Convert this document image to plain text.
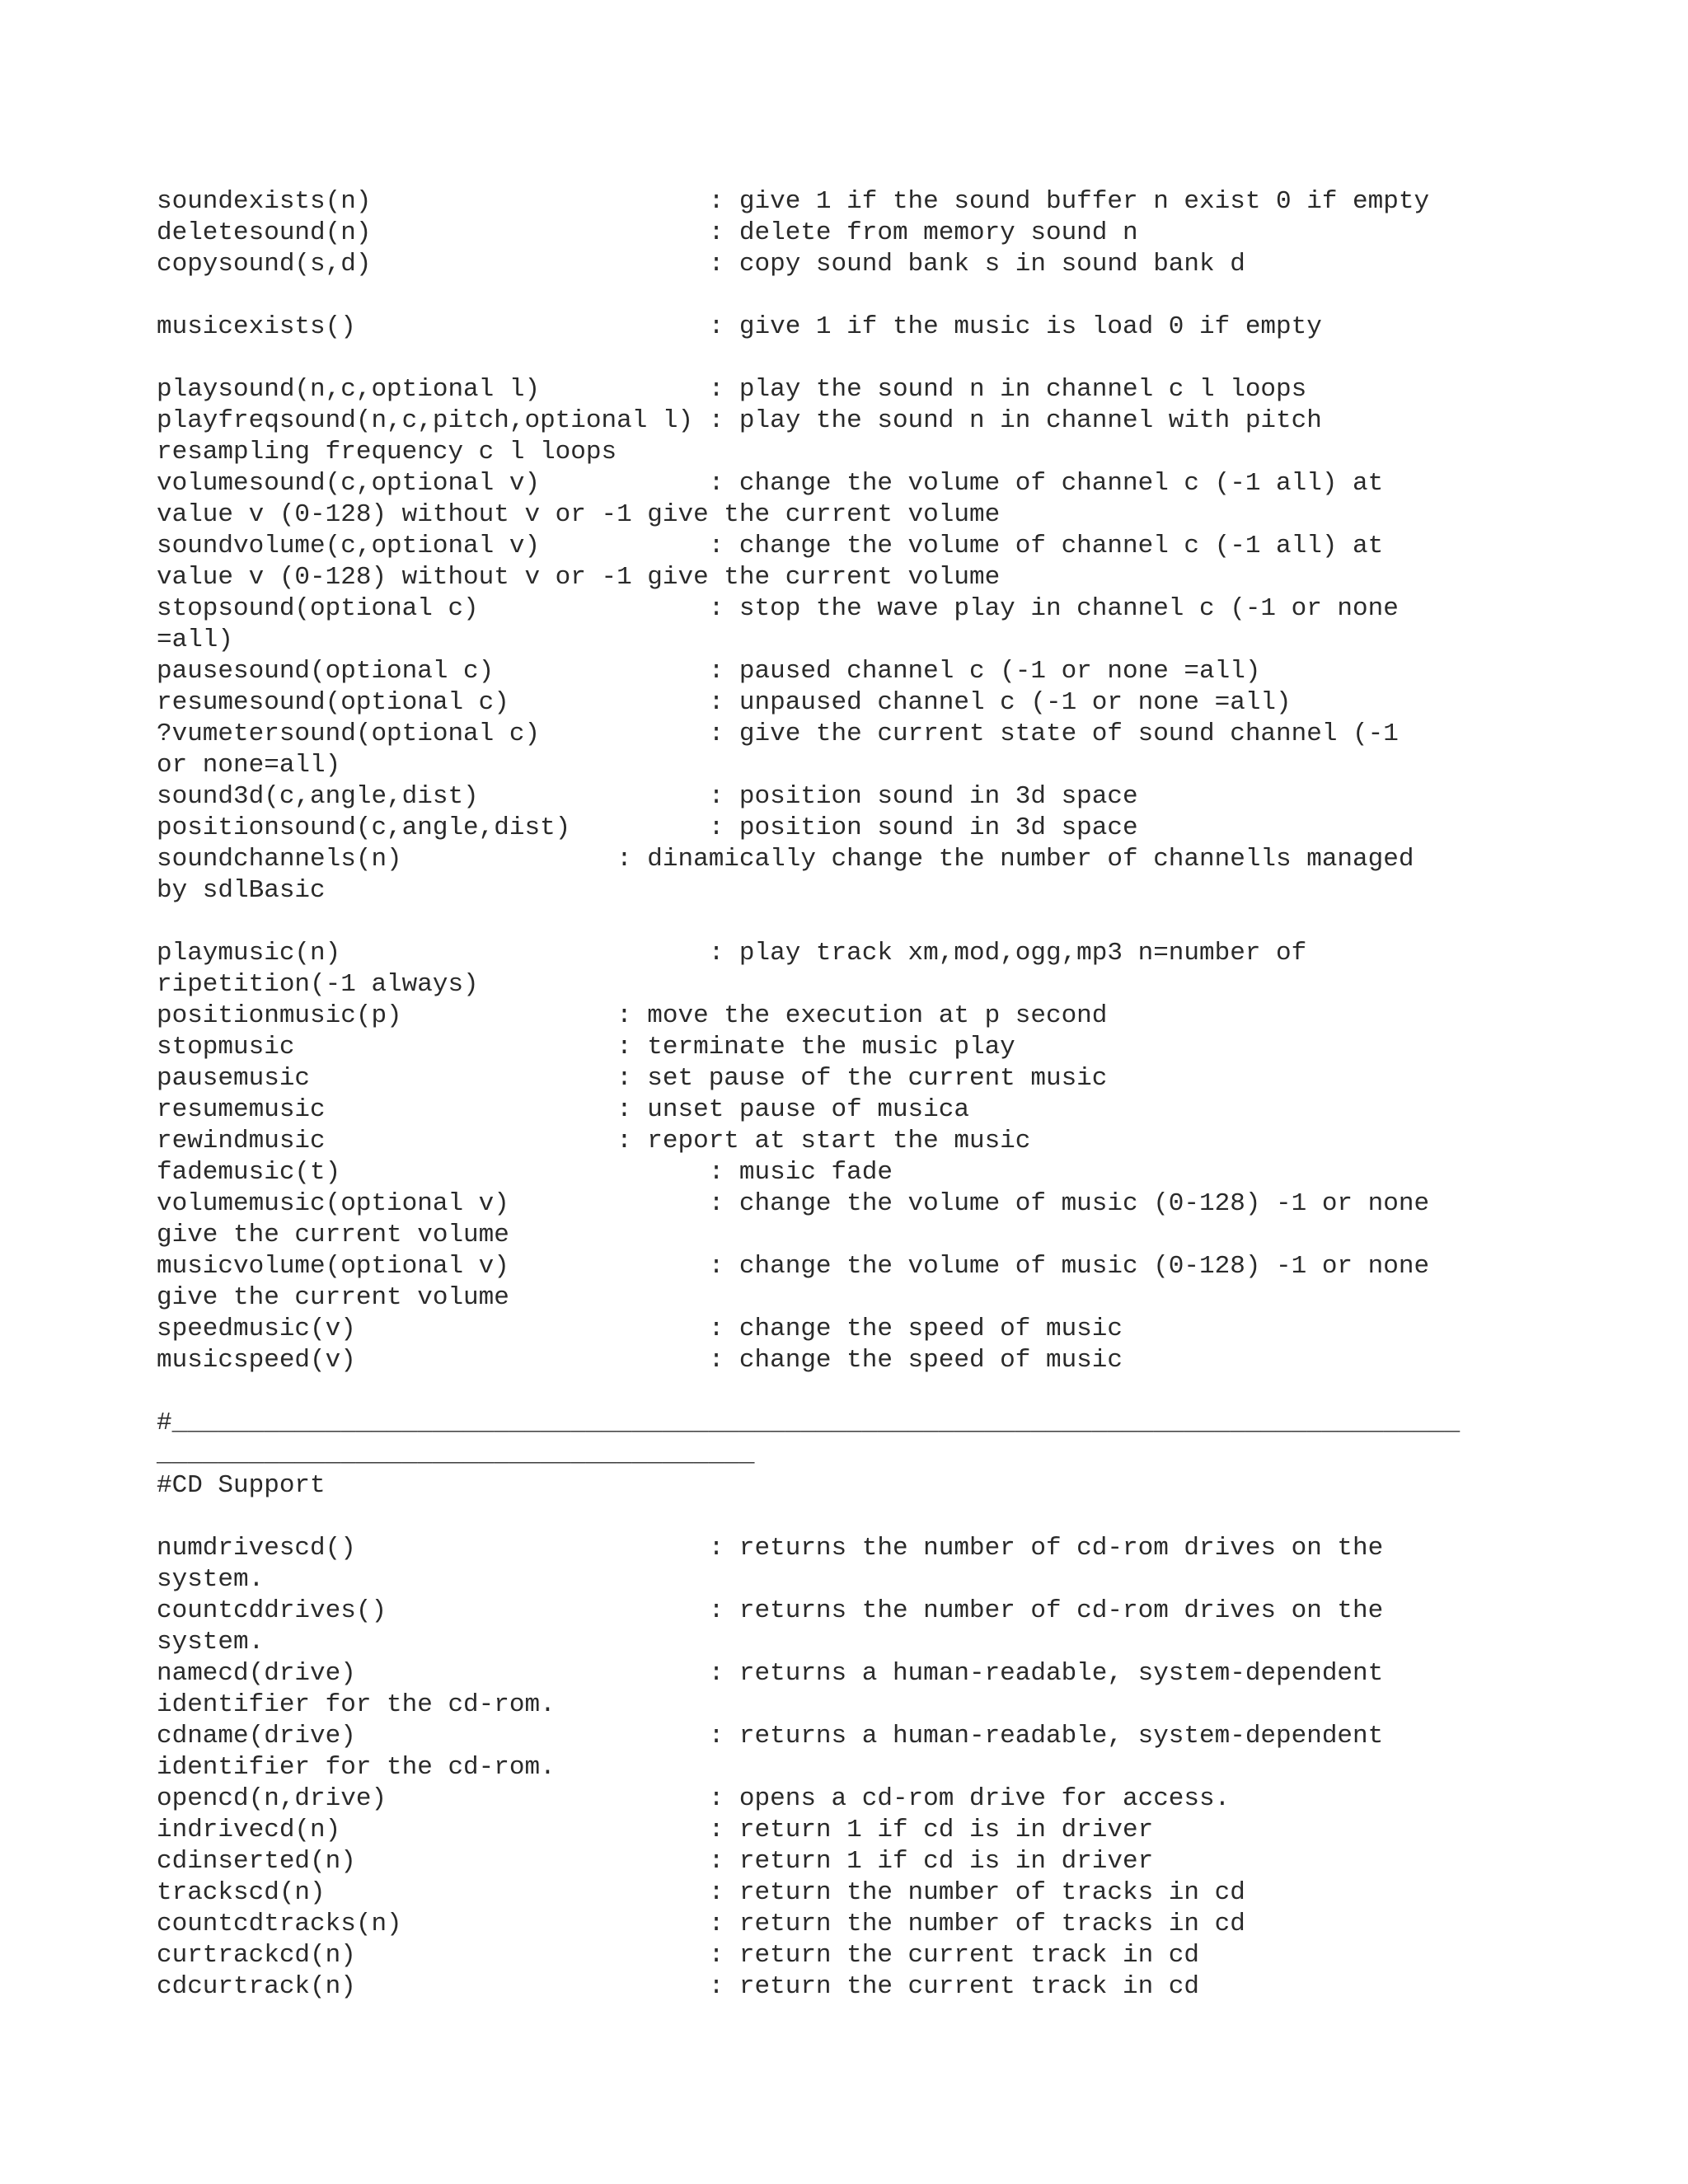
soundexists(n)                      : give 1 if the sound buffer n exist 0 if empty
deletesound(n)                      : delete from memory sound n
copysound(s,d)                      : copy sound bank s in sound bank d
musicexists()                       : give 1 if the music is load 0 if empty
playsound(n,c,optional l)           : play the sound n in channel c l loops
playfreqsound(n,c,pitch,optional l) : play the sound n in channel with pitch
resampling frequency c l loops
volumesound(c,optional v)           : change the volume of channel c (-1 all) at
value v (0-128) without v or -1 give the current volume
soundvolume(c,optional v)           : change the volume of channel c (-1 all) at
value v (0-128) without v or -1 give the current volume
stopsound(optional c)               : stop the wave play in channel c (-1 or none
=all)
pausesound(optional c)              : paused channel c (-1 or none =all)
resumesound(optional c)             : unpaused channel c (-1 or none =all)
?vumetersound(optional c)           : give the current state of sound channel (-1
or none=all)
sound3d(c,angle,dist)               : position sound in 3d space
positionsound(c,angle,dist)         : position sound in 3d space
soundchannels(n)              : dinamically change the number of channells managed
by sdlBasic
playmusic(n)                        : play track xm,mod,ogg,mp3 n=number of
ripetition(-1 always)
positionmusic(p)              : move the execution at p second
stopmusic                     : terminate the music play
pausemusic                    : set pause of the current music
resumemusic                   : unset pause of musica
rewindmusic                   : report at start the music
fademusic(t)                        : music fade
volumemusic(optional v)             : change the volume of music (0-128) -1 or none
give the current volume
musicvolume(optional v)             : change the volume of music (0-128) -1 or none
give the current volume
speedmusic(v)                       : change the speed of music
musicspeed(v)                       : change the speed of music
#____________________________________________________________________________________
_______________________________________
#CD Support
numdrivescd()                       : returns the number of cd-rom drives on the
system.
countcddrives()                     : returns the number of cd-rom drives on the
system.
namecd(drive)                       : returns a human-readable, system-dependent
identifier for the cd-rom.
cdname(drive)                       : returns a human-readable, system-dependent
identifier for the cd-rom.
opencd(n,drive)                     : opens a cd-rom drive for access.
indrivecd(n)                        : return 1 if cd is in driver
cdinserted(n)                       : return 1 if cd is in driver
trackscd(n)                         : return the number of tracks in cd
countcdtracks(n)                    : return the number of tracks in cd
curtrackcd(n)                       : return the current track in cd
cdcurtrack(n)                       : return the current track in cd
